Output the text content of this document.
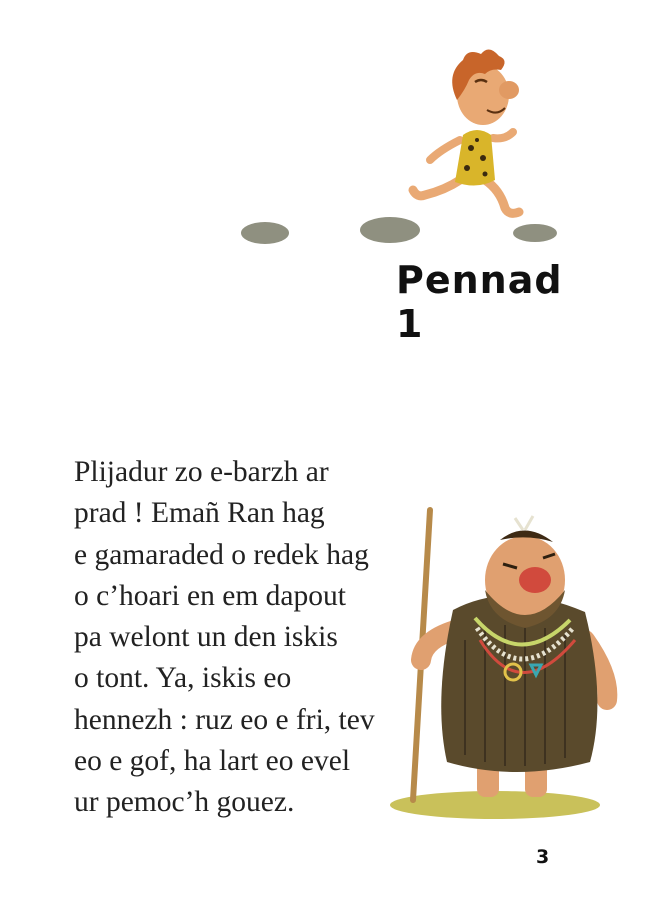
Pennad 1
Plijadur zo e-barzh ar
prad ! Emañ Ran hag
e gamaraded o redek hag
o c’hoari en em dapout
pa welont un den iskis
o tont. Ya, iskis eo
hennezh : ruz eo e fri, tev
eo e gof, ha lart eo evel
ur pemoc’h gouez.
3
